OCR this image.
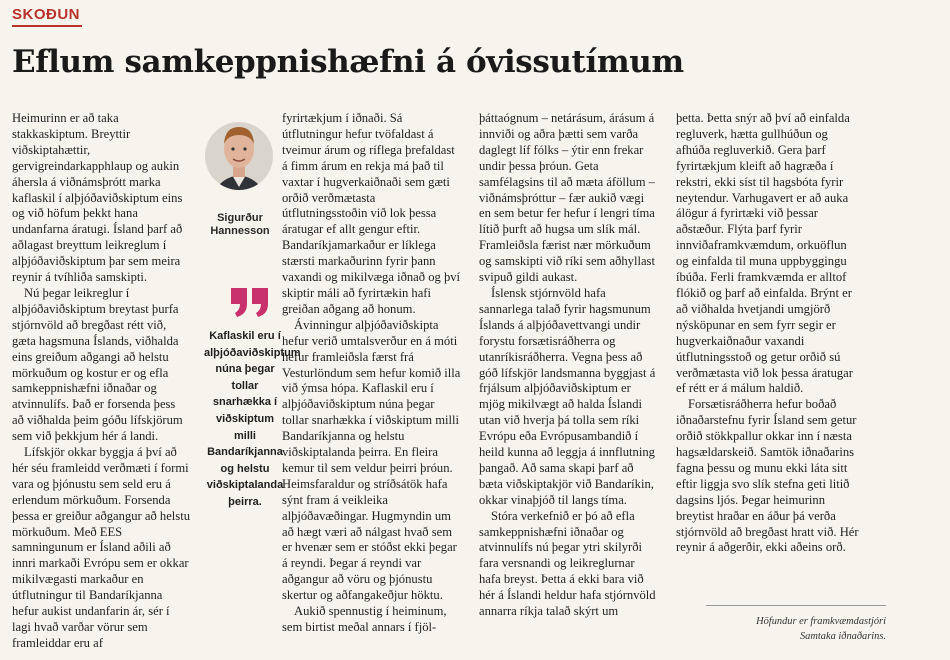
SKOÐUN
Eflum samkeppnishæfni á óvissutímum

Heimurinn er að taka stakkaskiptum. Breyttir viðskiptahættir, gervigreindarkapphlaup og aukin áhersla á viðnámsþrótt marka kaflaskil í alþjóðaviðskiptum eins og við höfum þekkt hana undanfarna áratugi. Ísland þarf að aðlagast breyttum leikreglum í alþjóðaviðskiptum þar sem meira reynir á tvíhliða samskipti.

Nú þegar leikreglur í alþjóðaviðskiptum breytast þurfa stjórnvöld að bregðast rétt við, gæta hagsmuna Íslands, viðhalda eins greiðum aðgangi að helstu mörkuðum og kostur er og efla samkeppnishæfni iðnaðar og atvinnulífs. Það er forsenda þess að viðhalda þeim góðu lífskjörum sem við þekkjum hér á landi.

Lífskjör okkar byggja á því að hér séu framleidd verðmæti í formi vara og þjónustu sem seld eru á erlendum mörkuðum. Forsenda þessa er greiður aðgangur að helstu mörkuðum. Með EES samningunum er Ísland aðili að innri markaði Evrópu sem er okkar mikilvægasti markaður en útflutningur til Bandaríkjanna hefur aukist undanfarin ár, sér í lagi hvað varðar vörur sem framleiddar eru af

Sigurður
Hannesson
Kaflaskil eru í alþjóðaviðskiptum núna þegar tollar snarhækka í viðskiptum milli Bandaríkjanna og helstu viðskiptalanda þeirra.

fyrirtækjum í iðnaði. Sá útflutningur hefur tvöfaldast á tveimur árum og ríflega þrefaldast á fimm árum en rekja má það til vaxtar í hugverkaiðnaði sem gæti orðið verðmætasta útflutningsstoðin við lok þessa áratugar ef allt gengur eftir. Bandaríkjamarkaður er líklega stærsti markaðurinn fyrir þann vaxandi og mikilvæga iðnað og því skiptir máli að fyrirtækin hafi greiðan aðgang að honum.

Ávinningur alþjóðaviðskipta hefur verið umtalsverður en á móti hefur framleiðsla færst frá Vesturlöndum sem hefur komið illa við ýmsa hópa. Kaflaskil eru í alþjóðaviðskiptum núna þegar tollar snarhækka í viðskiptum milli Bandaríkjanna og helstu viðskiptalanda þeirra. En fleira kemur til sem veldur þeirri þróun. Heimsfaraldur og stríðsátök hafa sýnt fram á veikleika alþjóðavæðingar. Hugmyndin um að hægt væri að nálgast hvað sem er hvenær sem er stóðst ekki þegar á reyndi. Þegar á reyndi var aðgangur að vöru og þjónustu skertur og aðfangakeðjur höktu.

Aukið spennustig í heiminum, sem birtist meðal annars í fjöl-

þáttaógnum – netárásum, árásum á innviði og aðra þætti sem varða daglegt líf fólks – ýtir enn frekar undir þessa þróun. Geta samfélagsins til að mæta áföllum – viðnámsþróttur – fær aukið vægi en sem betur fer hefur í lengri tíma lítið þurft að hugsa um slík mál. Framleiðsla færist nær mörkuðum og samskipti við ríki sem aðhyllast svipuð gildi aukast.

Íslensk stjórnvöld hafa sannarlega talað fyrir hagsmunum Íslands á alþjóðavettvangi undir forystu forsætisráðherra og utanríkisráðherra. Vegna þess að góð lífskjör landsmanna byggjast á frjálsum alþjóðaviðskiptum er mjög mikilvægt að halda Íslandi utan við hverja þá tolla sem ríki Evrópu eða Evrópusambandið í heild kunna að leggja á innflutning þangað. Að sama skapi þarf að bæta viðskiptakjör við Bandaríkin, okkar vinaþjóð til langs tíma.

Stóra verkefnið er þó að efla samkeppnishæfni iðnaðar og atvinnulífs nú þegar ytri skilyrði fara versnandi og leikreglurnar hafa breyst. Þetta á ekki bara við hér á Íslandi heldur hafa stjórnvöld annarra ríkja talað skýrt um

þetta. Þetta snýr að því að einfalda regluverk, hætta gullhúðun og afhúða regluverkið. Gera þarf fyrirtækjum kleift að hagræða í rekstri, ekki síst til hagsbóta fyrir neytendur. Varhugavert er að auka álögur á fyrirtæki við þessar aðstæður. Flýta þarf fyrir innviðaframkvæmdum, orkuöflun og einfalda til muna uppbyggingu íbúða. Ferli framkvæmda er alltof flókið og þarf að einfalda. Brýnt er að viðhalda hvetjandi umgjörð nýsköpunar en sem fyrr segir er hugverkaiðnaður vaxandi útflutningsstoð og getur orðið sú verðmætasta við lok þessa áratugar ef rétt er á málum haldið.

Forsætisráðherra hefur boðað iðnaðarstefnu fyrir Ísland sem getur orðið stökkpallur okkar inn í næsta hagsældarskeið. Samtök iðnaðarins fagna þessu og munu ekki láta sitt eftir liggja svo slík stefna geti litið dagsins ljós. Þegar heimurinn breytist hraðar en áður þá verða stjórnvöld að bregðast hratt við. Hér reynir á aðgerðir, ekki aðeins orð.

Höfundur er framkvæmdastjóri
Samtaka iðnaðarins.
